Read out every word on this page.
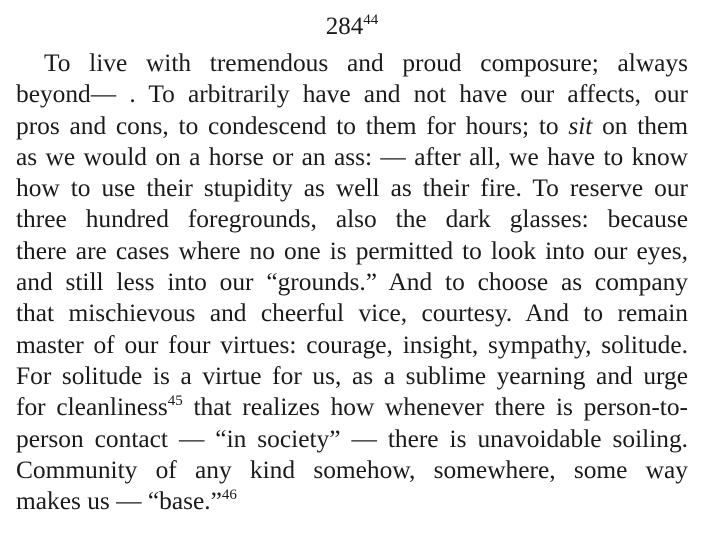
$284^{44}$
To live with tremendous and proud composure; always
beyond— . To arbitrarily have and not have our affects, our
pros and cons, to condescend to them for hours; to sit on them
as we would on a horse or an ass: — after all, we have to know
how to use their stupidity as well as their fire. To reserve our
three hundred foregrounds, also the dark glasses: because
there are cases where no one is permitted to look into our eyes,
and still less into our “grounds.” And to choose as company
that mischievous and cheerful vice, courtesy. And to remain
master of our four virtues: courage, insight, sympathy, solitude.
For solitude is a virtue for us, as a sublime yearning and urge
for cleanliness$^{45}$ that realizes how whenever there is person-to-
person contact — “in society” — there is unavoidable soiling.
Community of any kind somehow, somewhere, some way
makes us — “base.”$^{46}$
